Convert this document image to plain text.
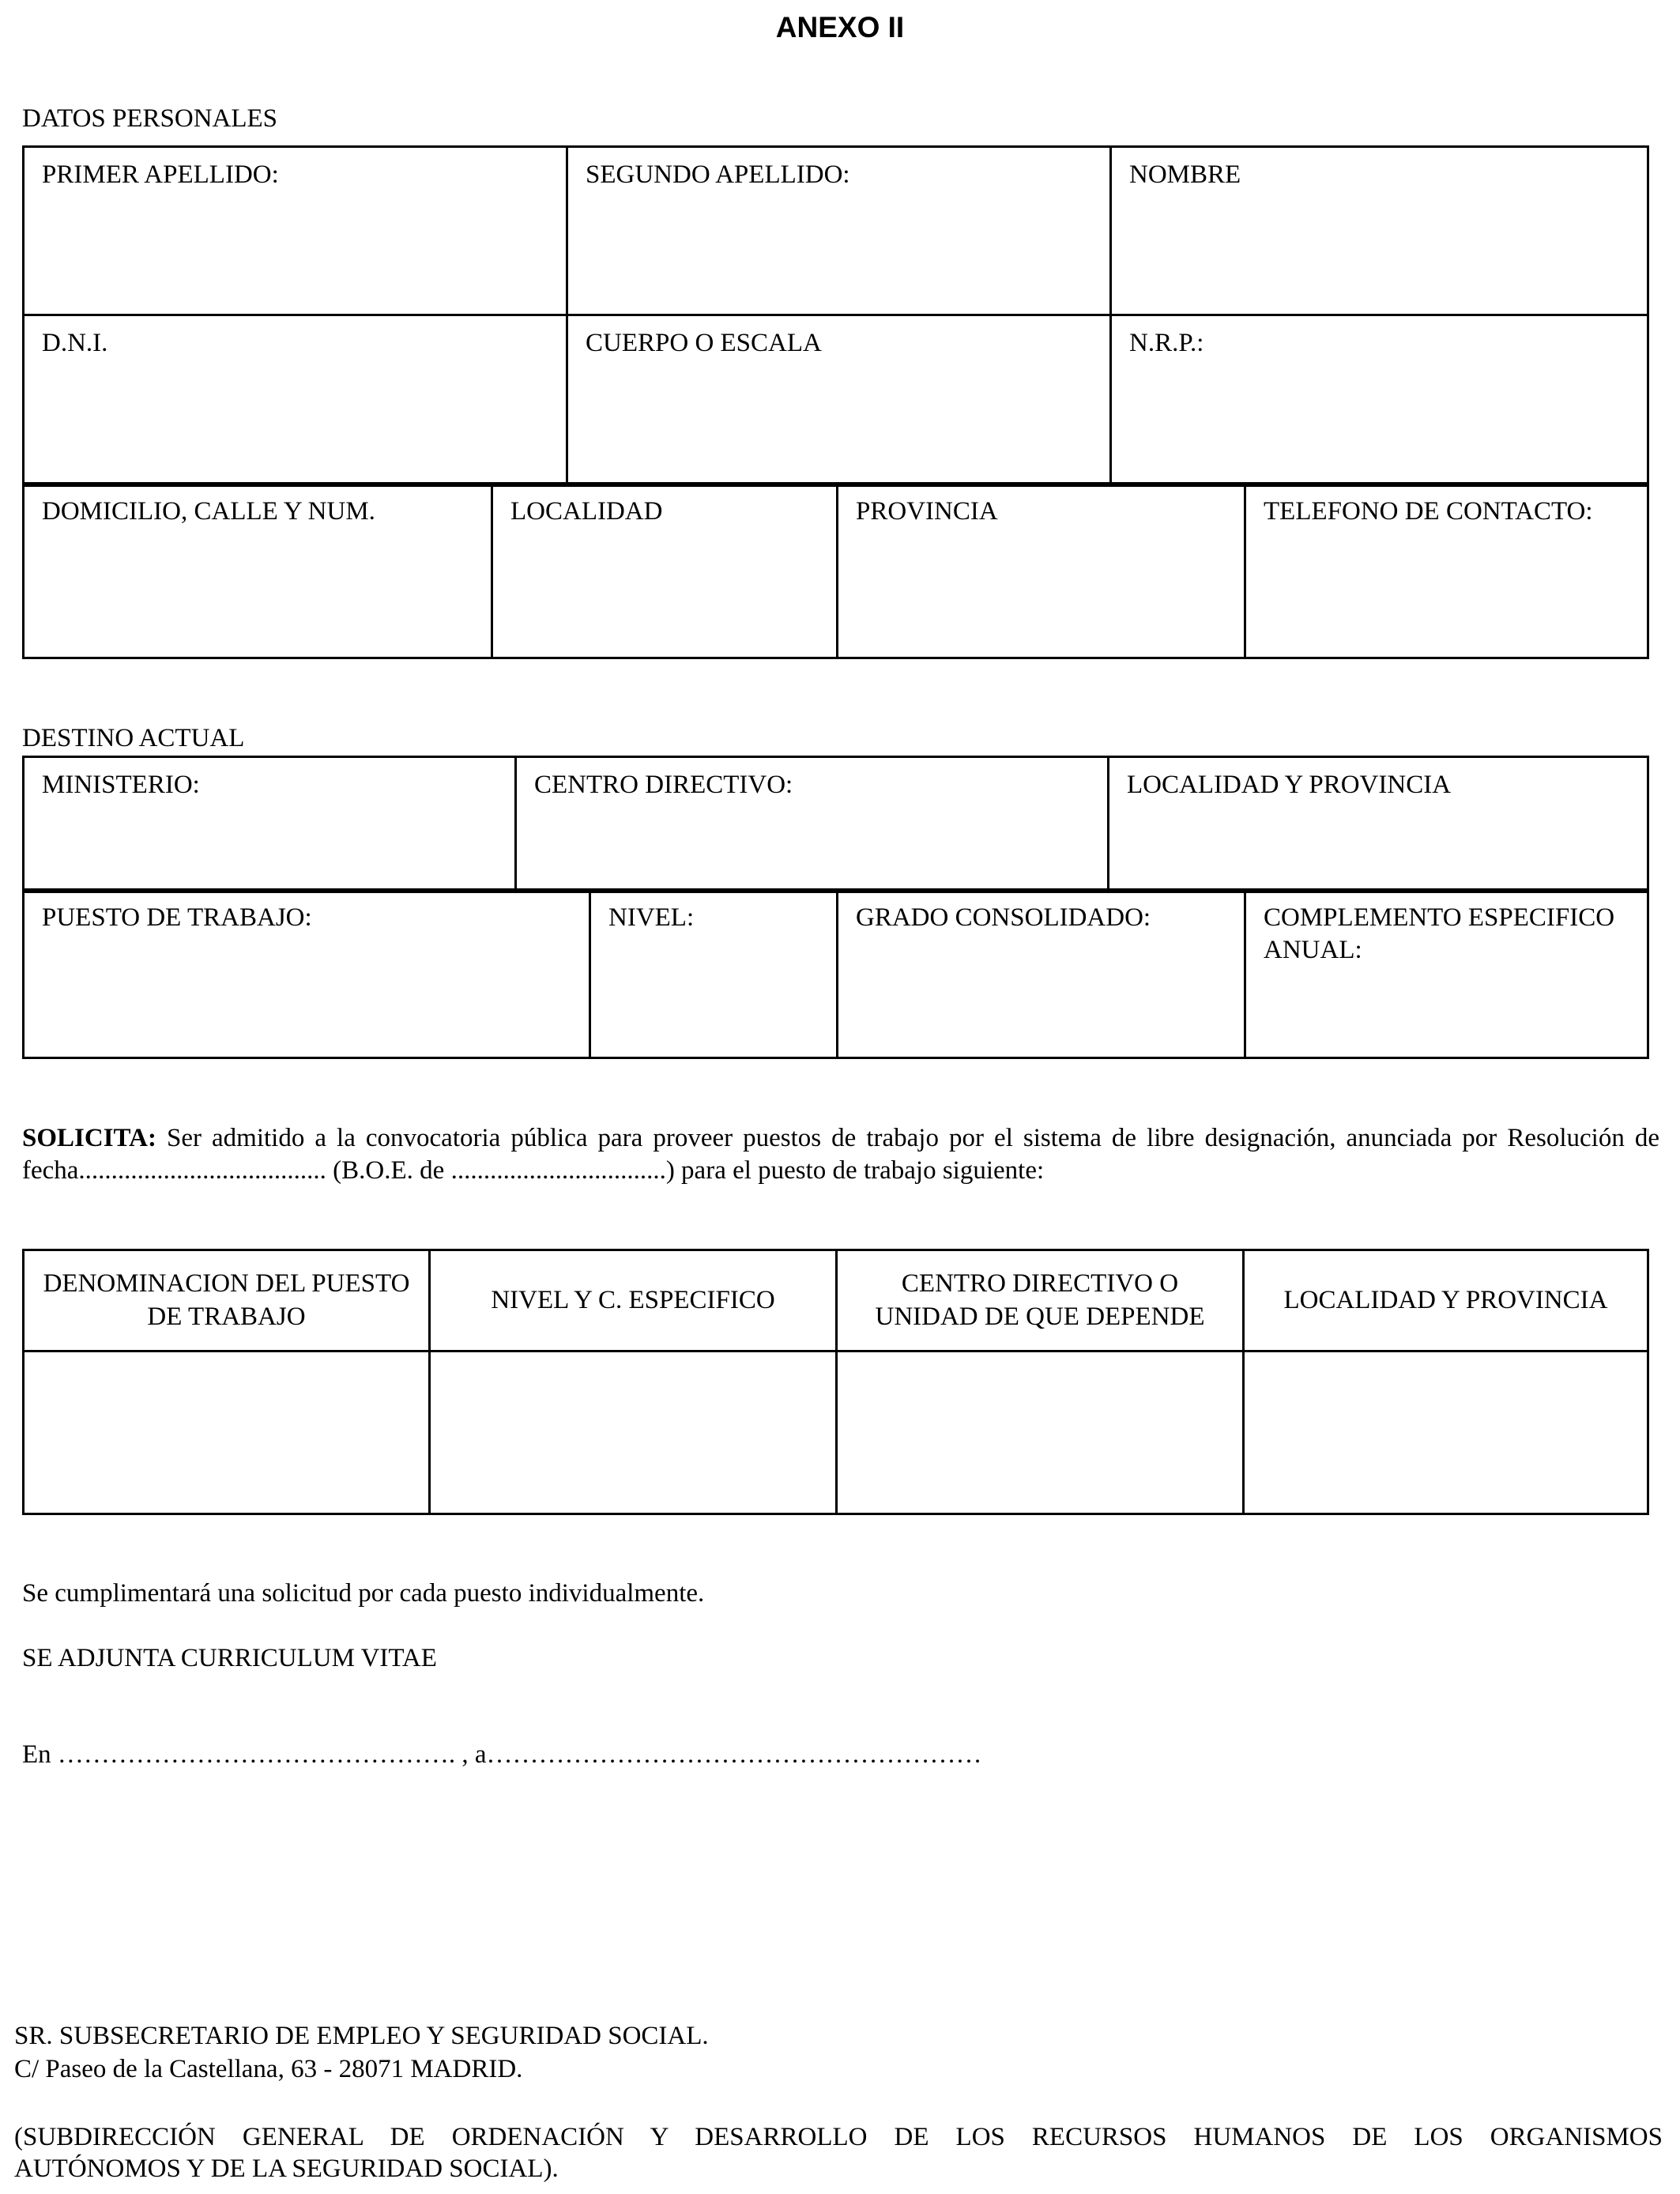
ANEXO II
DATOS PERSONALES
PRIMER APELLIDO:	SEGUNDO APELLIDO:	NOMBRE
D.N.I.	CUERPO O ESCALA	N.R.P.:
DOMICILIO, CALLE Y NUM.	LOCALIDAD	PROVINCIA	TELEFONO DE CONTACTO:
DESTINO ACTUAL
MINISTERIO:	CENTRO DIRECTIVO:	LOCALIDAD Y PROVINCIA
PUESTO DE TRABAJO:	NIVEL:	GRADO CONSOLIDADO:	COMPLEMENTO ESPECIFICO ANUAL:
SOLICITA: Ser admitido a la convocatoria pública para proveer puestos de trabajo por el sistema de libre designación, anunciada por Resolución de fecha...................................... (B.O.E. de .................................) para el puesto de trabajo siguiente:
DENOMINACION DEL PUESTO DE TRABAJO	NIVEL Y C. ESPECIFICO	CENTRO DIRECTIVO O UNIDAD DE QUE DEPENDE	LOCALIDAD Y PROVINCIA

Se cumplimentará una solicitud por cada puesto individualmente.
SE ADJUNTA CURRICULUM VITAE
En ………………………………………. , a…………………………………………………
SR. SUBSECRETARIO DE EMPLEO Y SEGURIDAD SOCIAL.
C/ Paseo de la Castellana, 63 - 28071 MADRID.
(SUBDIRECCIÓN GENERAL DE ORDENACIÓN Y DESARROLLO DE LOS RECURSOS HUMANOS DE LOS ORGANISMOS
AUTÓNOMOS Y DE LA SEGURIDAD SOCIAL).
